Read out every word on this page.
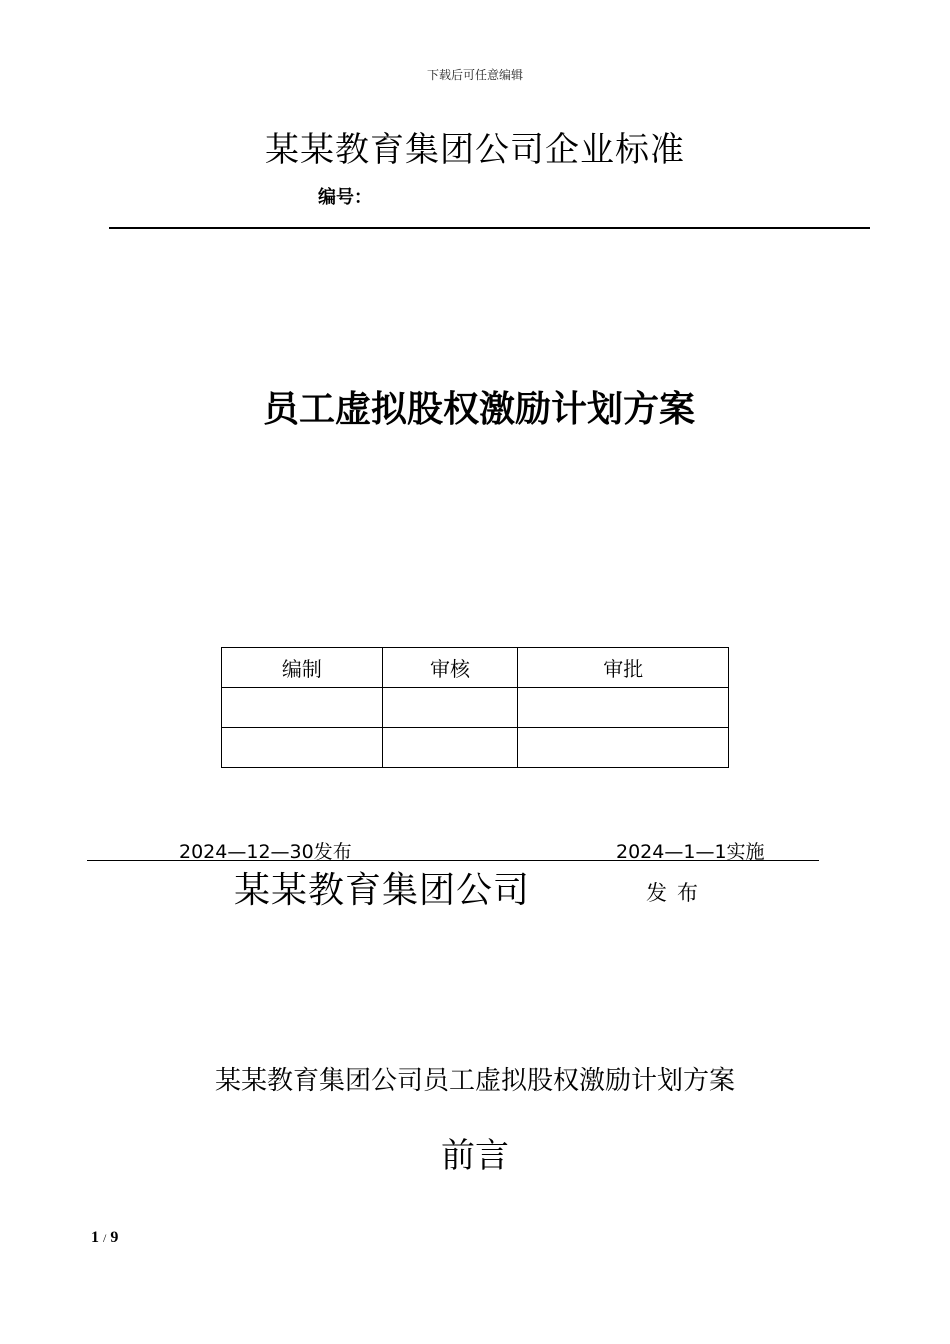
下载后可任意编辑
某某教育集团公司企业标准
编号：
员工虚拟股权激励计划方案
编制	审核	审批

2024—12—30发布	2024—1—1实施
某某教育集团公司	发布
某某教育集团公司员工虚拟股权激励计划方案
前言
1 / 9
